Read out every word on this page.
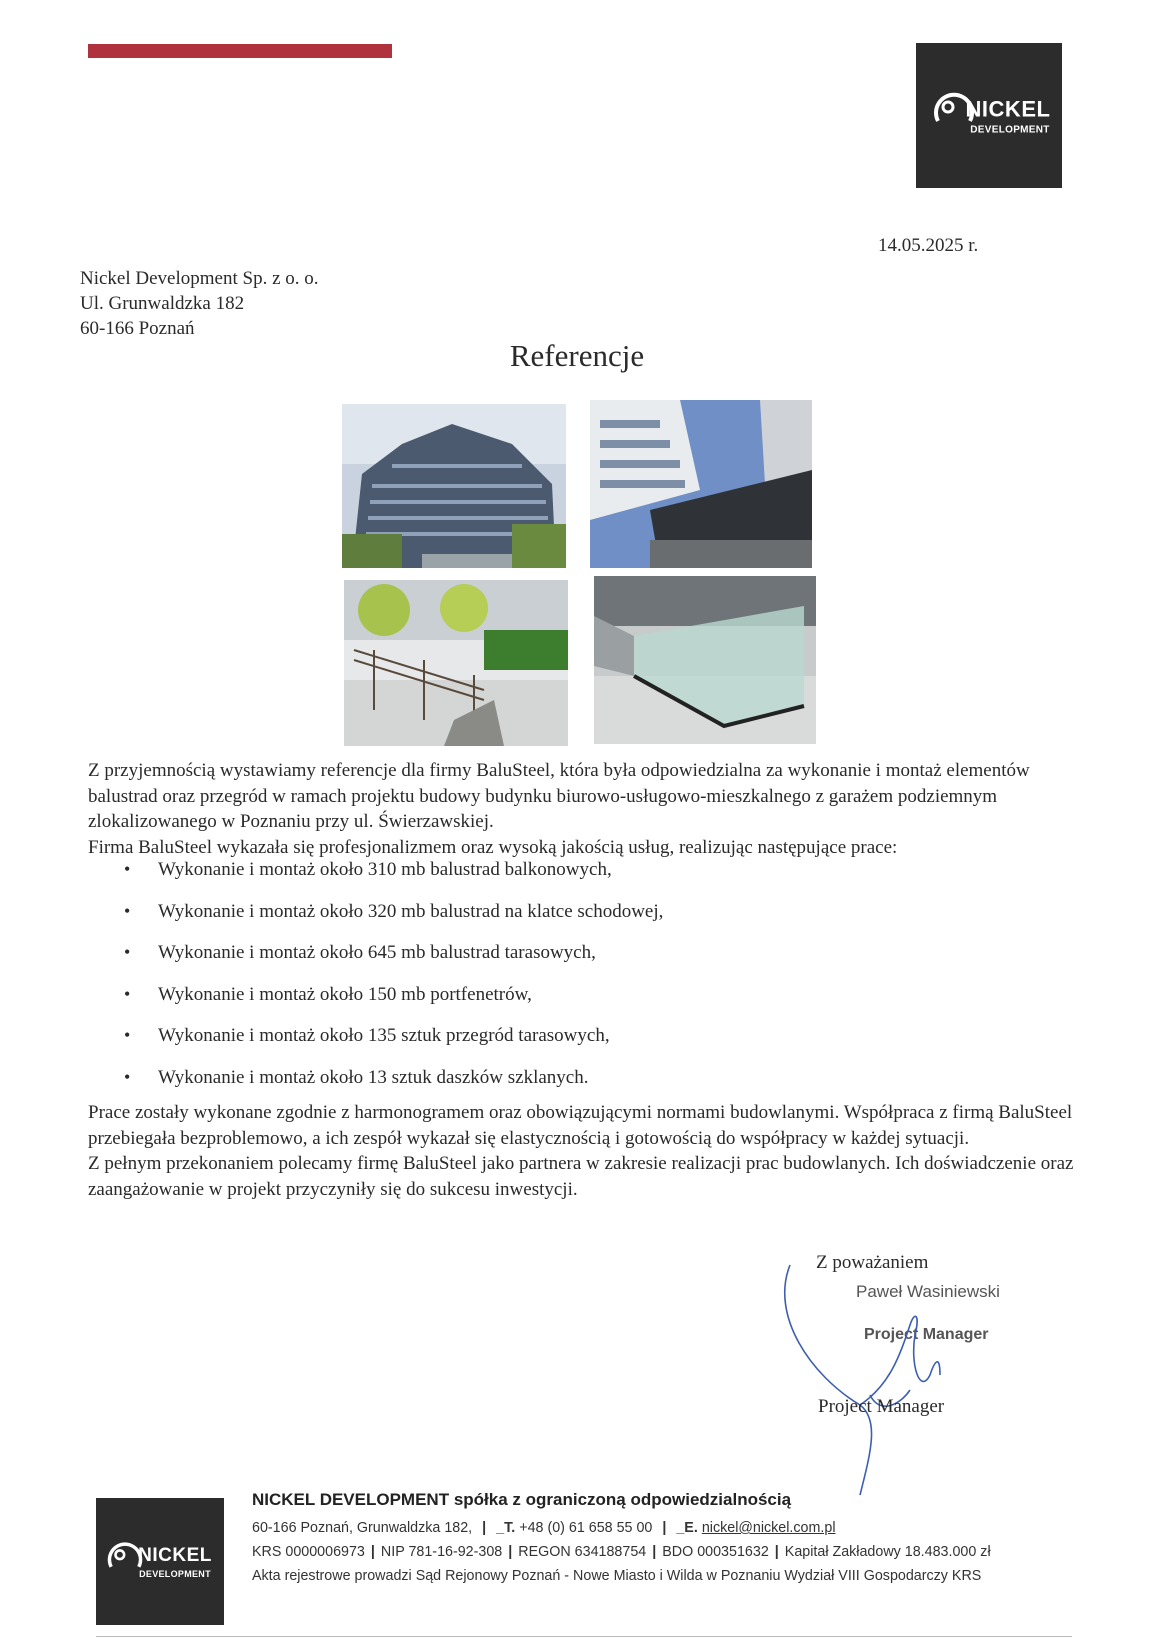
NICKEL
DEVELOPMENT
14.05.2025 r.
Nickel Development Sp. z o. o.
Ul. Grunwaldzka 182
60-166 Poznań
Referencje
Z przyjemnością wystawiamy referencje dla firmy BaluSteel, która była odpowiedzialna za wykonanie i montaż elementów balustrad oraz przegród w ramach projektu budowy budynku biurowo-usługowo-mieszkalnego z garażem podziemnym zlokalizowanego w Poznaniu przy ul. Świerzawskiej.
Firma BaluSteel wykazała się profesjonalizmem oraz wysoką jakością usług, realizując następujące prace:
• Wykonanie i montaż około 310 mb balustrad balkonowych,
• Wykonanie i montaż około 320 mb balustrad na klatce schodowej,
• Wykonanie i montaż około 645 mb balustrad tarasowych,
• Wykonanie i montaż około 150 mb portfenetrów,
• Wykonanie i montaż około 135 sztuk przegród tarasowych,
• Wykonanie i montaż około 13 sztuk daszków szklanych.
Prace zostały wykonane zgodnie z harmonogramem oraz obowiązującymi normami budowlanymi. Współpraca z firmą BaluSteel przebiegała bezproblemowo, a ich zespół wykazał się elastycznością i gotowością do współpracy w każdej sytuacji.
Z pełnym przekonaniem polecamy firmę BaluSteel jako partnera w zakresie realizacji prac budowlanych. Ich doświadczenie oraz zaangażowanie w projekt przyczyniły się do sukcesu inwestycji.
Z poważaniem
Paweł Wasiniewski
Project Manager
Project Manager
NICKEL
DEVELOPMENT
NICKEL DEVELOPMENT spółka z ograniczoną odpowiedzialnością
60-166 Poznań, Grunwaldzka 182, | _T. +48 (0) 61 658 55 00 | _E. nickel@nickel.com.pl
KRS 0000006973 | NIP 781-16-92-308 | REGON 634188754 | BDO 000351632 | Kapitał Zakładowy 18.483.000 zł
Akta rejestrowe prowadzi Sąd Rejonowy Poznań - Nowe Miasto i Wilda w Poznaniu Wydział VIII Gospodarczy KRS
